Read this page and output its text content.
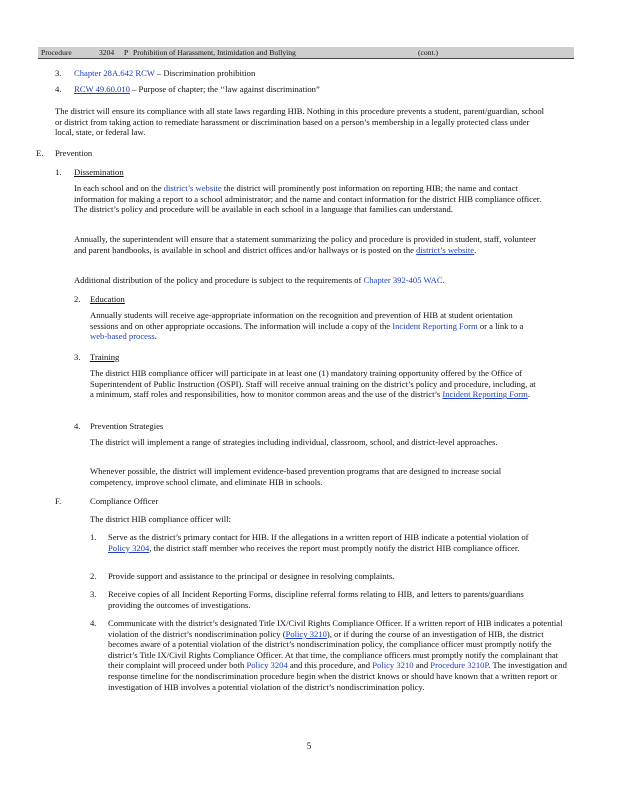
Procedure	3204 P Prohibition of Harassment, Intimidation and Bullying	(cont.)
3. Chapter 28A.642 RCW – Discrimination prohibition
4. RCW 49.60.010 – Purpose of chapter; the ‘‘law against discrimination”
The district will ensure its compliance with all state laws regarding HIB. Nothing in this procedure prevents a student, parent/guardian, school or district from taking action to remediate harassment or discrimination based on a person’s membership in a legally protected class under local, state, or federal law.
E. Prevention
1. Dissemination
In each school and on the district’s website the district will prominently post information on reporting HIB; the name and contact information for making a report to a school administrator; and the name and contact information for the district HIB compliance officer. The district’s policy and procedure will be available in each school in a language that families can understand.
Annually, the superintendent will ensure that a statement summarizing the policy and procedure is provided in student, staff, volunteer and parent handbooks, is available in school and district offices and/or hallways or is posted on the district’s website.
Additional distribution of the policy and procedure is subject to the requirements of Chapter 392-405 WAC.
2. Education
Annually students will receive age-appropriate information on the recognition and prevention of HIB at student orientation sessions and on other appropriate occasions. The information will include a copy of the Incident Reporting Form or a link to a web-based process.
3. Training
The district HIB compliance officer will participate in at least one (1) mandatory training opportunity offered by the Office of Superintendent of Public Instruction (OSPI). Staff will receive annual training on the district’s policy and procedure, including, at a minimum, staff roles and responsibilities, how to monitor common areas and the use of the district’s Incident Reporting Form.
4. Prevention Strategies
The district will implement a range of strategies including individual, classroom, school, and district-level approaches.
Whenever possible, the district will implement evidence-based prevention programs that are designed to increase social competency, improve school climate, and eliminate HIB in schools.
F.	Compliance Officer
The district HIB compliance officer will:
1. Serve as the district’s primary contact for HIB. If the allegations in a written report of HIB indicate a potential violation of Policy 3204, the district staff member who receives the report must promptly notify the district HIB compliance officer.
2. Provide support and assistance to the principal or designee in resolving complaints.
3. Receive copies of all Incident Reporting Forms, discipline referral forms relating to HIB, and letters to parents/guardians providing the outcomes of investigations.
4. Communicate with the district’s designated Title IX/Civil Rights Compliance Officer. If a written report of HIB indicates a potential violation of the district’s nondiscrimination policy (Policy 3210), or if during the course of an investigation of HIB, the district becomes aware of a potential violation of the district’s nondiscrimination policy, the compliance officer must promptly notify the district’s Title IX/Civil Rights Compliance Officer. At that time, the compliance officers must promptly notify the complainant that their complaint will proceed under both Policy 3204 and this procedure, and Policy 3210 and Procedure 3210P. The investigation and response timeline for the nondiscrimination procedure begin when the district knows or should have known that a written report or investigation of HIB involves a potential violation of the district’s nondiscrimination policy.
5
